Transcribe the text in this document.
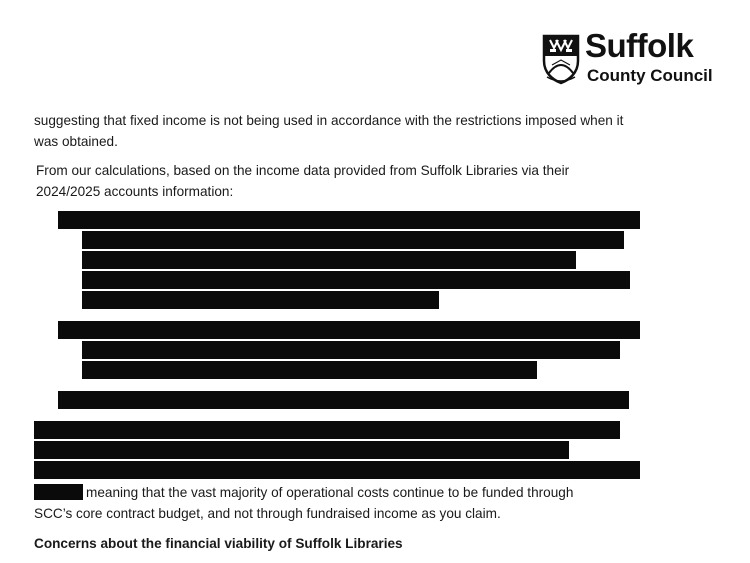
Suffolk
County Council

suggesting that fixed income is not being used in accordance with the restrictions imposed when it was obtained.

From our calculations, based on the income data provided from Suffolk Libraries via their 2024/2025 accounts information:

meaning that the vast majority of operational costs continue to be funded through
SCC’s core contract budget, and not through fundraised income as you claim.
Concerns about the financial viability of Suffolk Libraries
